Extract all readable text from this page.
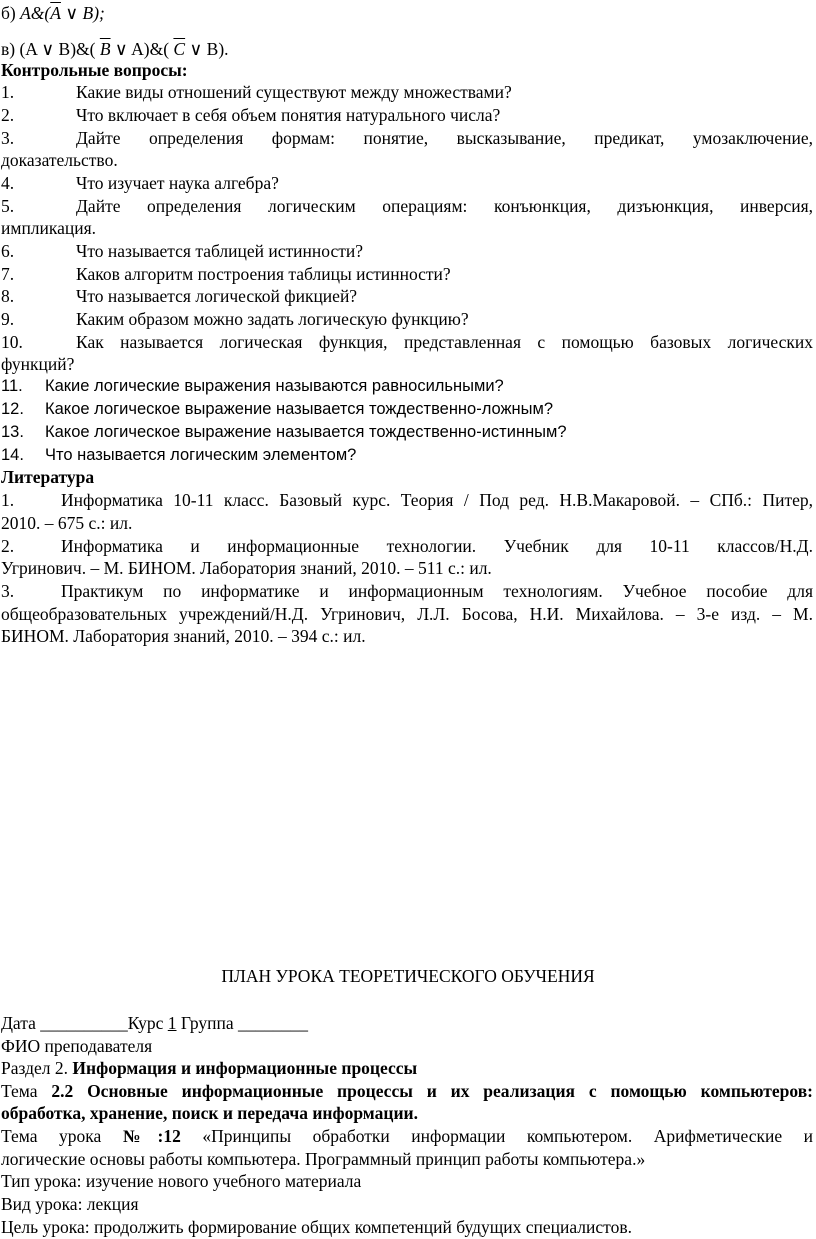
б) $A\&(\overline{A}$ ∨ B);
в) (A ∨ B)&( $\overline{B}$ ∨ A)&( $\overline{C}$ ∨ B).
Контрольные вопросы:
1.	Какие виды отношений существуют между множествами?
2.	Что включает в себя объем понятия натурального числа?
3.	Дайте определения формам: понятие, высказывание, предикат, умозаключение,
доказательство.
4.	Что изучает наука алгебра?
5.	Дайте определения логическим операциям: конъюнкция, дизъюнкция, инверсия,
импликация.
6.	Что называется таблицей истинности?
7.	Каков алгоритм построения таблицы истинности?
8.	Что называется логической фикцией?
9.	Каким образом можно задать логическую функцию?
10.	Как называется логическая функция, представленная с помощью базовых логических
функций?
11. Какие логические выражения называются равносильными?
12. Какое логическое выражение называется тождественно-ложным?
13. Какое логическое выражение называется тождественно-истинным?
14. Что называется логическим элементом?
Литература
1.	Информатика 10-11 класс. Базовый курс. Теория / Под ред. Н.В.Макаровой. – СПб.: Питер,
2010. – 675 с.: ил.
2.	Информатика и информационные технологии. Учебник для 10-11 классов/Н.Д.
Угринович. – М. БИНОМ. Лаборатория знаний, 2010. – 511 с.: ил.
3.	Практикум по информатике и информационным технологиям. Учебное пособие для
общеобразовательных учреждений/Н.Д. Угринович, Л.Л. Босова, Н.И. Михайлова. – 3-е изд. – М.
БИНОМ. Лаборатория знаний, 2010. – 394 с.: ил.
ПЛАН УРОКА ТЕОРЕТИЧЕСКОГО ОБУЧЕНИЯ
Дата __________Курс 1 Группа ________
ФИО преподавателя
Раздел 2. Информация и информационные процессы
Тема 2.2 Основные информационные процессы и их реализация с помощью компьютеров:
обработка, хранение, поиск и передача информации.
Тема урока №:12 «Принципы обработки информации компьютером. Арифметические и
логические основы работы компьютера. Программный принцип работы компьютера.»
Тип урока: изучение нового учебного материала
Вид урока: лекция
Цель урока: продолжить формирование общих компетенций будущих специалистов.
